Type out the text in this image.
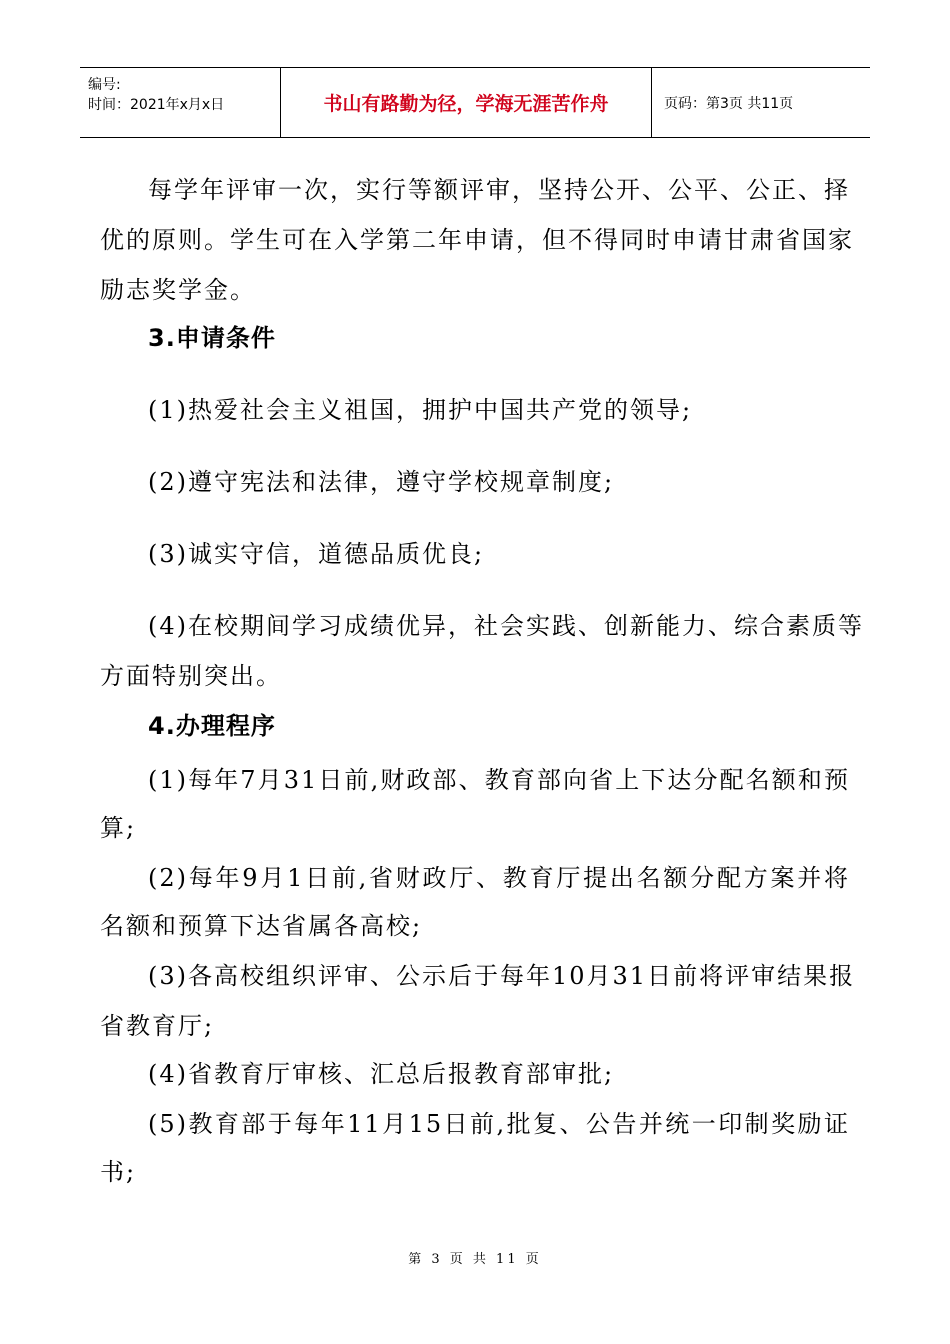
编号:
时间：2021年x月x日	书山有路勤为径，学海无涯苦作舟	页码：第3页 共11页
每学年评审一次，实行等额评审，坚持公开、公平、公正、择
优的原则。学生可在入学第二年申请，但不得同时申请甘肃省国家
励志奖学金。
3.申请条件
(1)热爱社会主义祖国，拥护中国共产党的领导;
(2)遵守宪法和法律，遵守学校规章制度;
(3)诚实守信，道德品质优良;
(4)在校期间学习成绩优异，社会实践、创新能力、综合素质等
方面特别突出。
4.办理程序
(1)每年7月31日前,财政部、教育部向省上下达分配名额和预
算;
(2)每年9月1日前,省财政厅、教育厅提出名额分配方案并将
名额和预算下达省属各高校;
(3)各高校组织评审、公示后于每年10月31日前将评审结果报
省教育厅;
(4)省教育厅审核、汇总后报教育部审批;
(5)教育部于每年11月15日前,批复、公告并统一印制奖励证
书;
第 3 页 共 11 页
